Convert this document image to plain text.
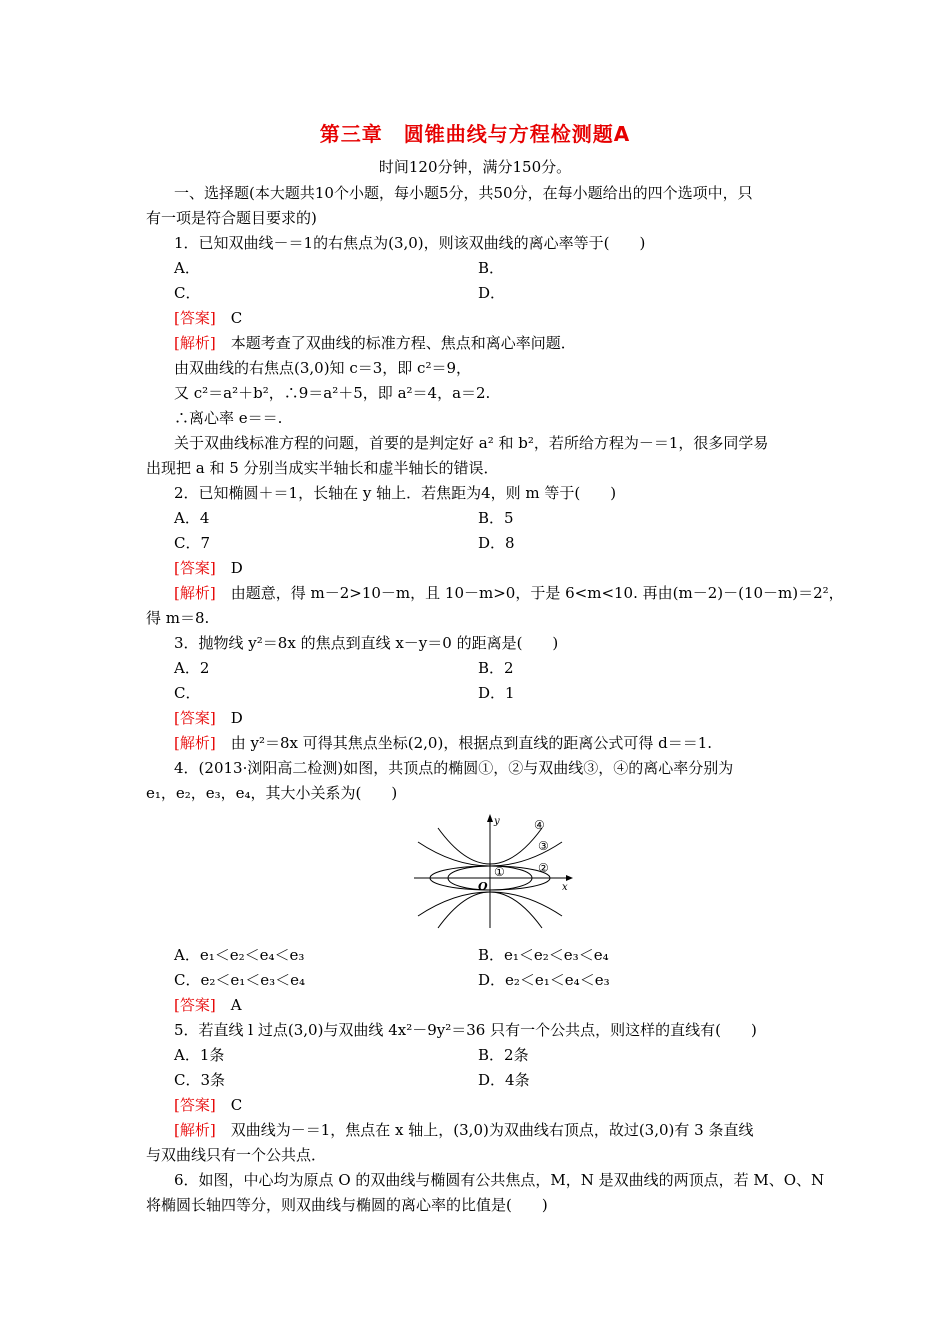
第三章　圆锥曲线与方程检测题A
时间120分钟，满分150分。
一、选择题(本大题共10个小题，每小题5分，共50分，在每小题给出的四个选项中，只
有一项是符合题目要求的)
1．已知双曲线－＝1的右焦点为(3,0)，则该双曲线的离心率等于(　　)
A．	B．
C．	D．
[答案]　 C
[解析]　 本题考查了双曲线的标准方程、焦点和离心率问题．
由双曲线的右焦点(3,0)知 c＝3，即 c²＝9，
又 c²＝a²＋b²，∴9＝a²＋5，即 a²＝4，a＝2.
∴离心率 e＝＝.
关于双曲线标准方程的问题，首要的是判定好 a² 和 b²，若所给方程为－＝1，很多同学易
出现把 a 和 5 分别当成实半轴长和虚半轴长的错误．
2．已知椭圆＋＝1，长轴在 y 轴上．若焦距为4，则 m 等于(　　)
A．4	B．5
C．7	D．8
[答案]　 D
[解析]　 由题意，得 m－2>10－m，且 10－m>0，于是 6<m<10. 再由(m－2)－(10－m)＝2²，
得 m＝8.
3．抛物线 y²＝8x 的焦点到直线 x－y＝0 的距离是(　　)
A．2	B．2
C．	D．1
[答案]　 D
[解析]　 由 y²＝8x 可得其焦点坐标(2,0)，根据点到直线的距离公式可得 d＝＝1.
4．(2013·浏阳高二检测)如图，共顶点的椭圆①，②与双曲线③，④的离心率分别为
e₁，e₂，e₃，e₄，其大小关系为(　　)
y
x
O
①	②
③
④
A．e₁＜e₂＜e₄＜e₃	B．e₁＜e₂＜e₃＜e₄
C．e₂＜e₁＜e₃＜e₄	D．e₂＜e₁＜e₄＜e₃
[答案]　 A
5．若直线 l 过点(3,0)与双曲线 4x²－9y²＝36 只有一个公共点，则这样的直线有(　　)
A．1条	B．2条
C．3条	D．4条
[答案]　 C
[解析]　 双曲线为－＝1，焦点在 x 轴上，(3,0)为双曲线右顶点，故过(3,0)有 3 条直线
与双曲线只有一个公共点．
6．如图，中心均为原点 O 的双曲线与椭圆有公共焦点，M，N 是双曲线的两顶点，若 M、O、N
将椭圆长轴四等分，则双曲线与椭圆的离心率的比值是(　　)
